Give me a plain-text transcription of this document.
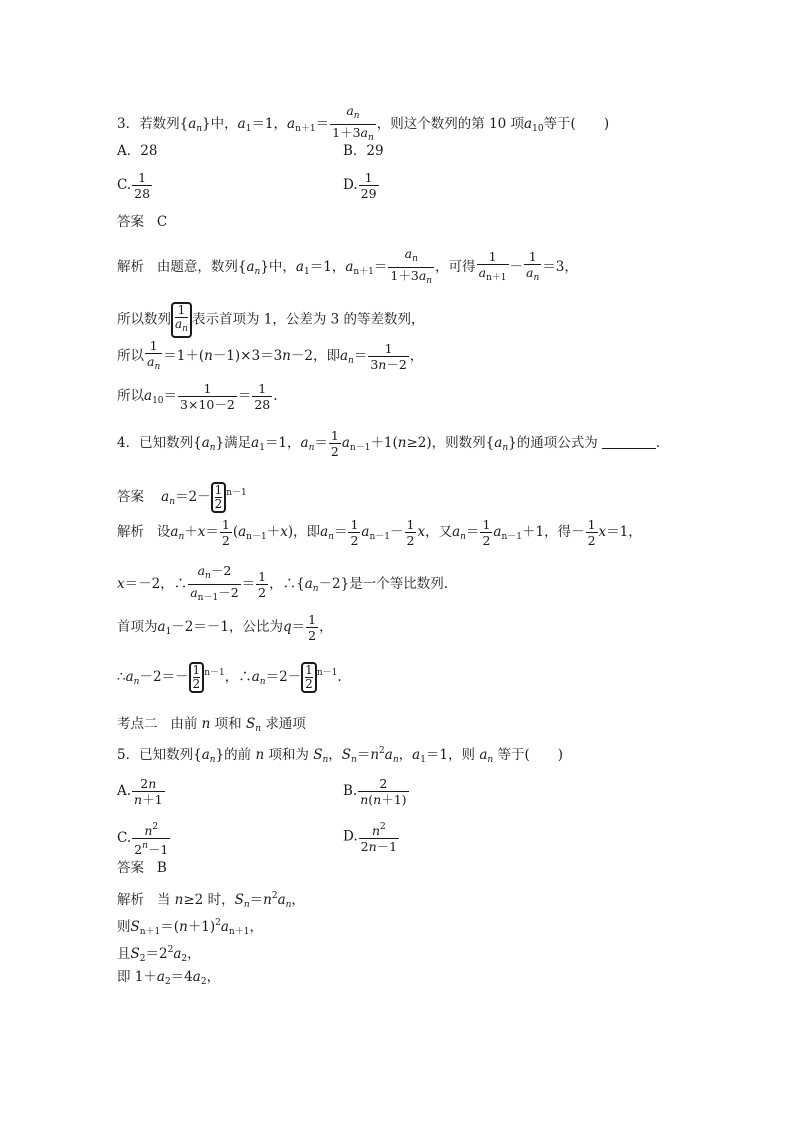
3．若数列$\{a_n\}$中，$a_1=1$，$a_{n+1}= \frac{a_n}{1+3a_n}$ ，则这个数列的第 10 项$a_{10}$等于( )
A．28	B．29
C. $\frac{1}{28}$	D. $\frac{1}{29}$
答案 C
解析 由题意，数列$\{a_n\}$中，$a_1=1$，$a_{n+1}= \frac{a_n}{1+3a_n}$ ，可得 $\frac{1}{a_{n+1}} - \frac{1}{a_n} =3$，
所以数列 $\frac{1}{a_n}$ 表示首项为 1，公差为 3 的等差数列，
所以 $\frac{1}{a_n} =1+(n-1)\times 3=3n-2$，即$a_n= \frac{1}{3n-2}$ ，
所以$a_{10}= \frac{1}{3\times 10-2} = \frac{1}{28}$ .
4．已知数列$\{a_n\}$满足$a_1=1$，$a_n= \frac{1}{2} a_{n-1}+1(n\ge 2)$，则数列$\{a_n\}$的通项公式为	.
答案 $a_n=2- \frac{1}{2} ^{n-1}$
解析 设$a_n+x= \frac{1}{2} (a_{n-1}+x)$，即$a_n= \frac{1}{2} a_{n-1}- \frac{1}{2}$ x，又$a_n= \frac{1}{2} a_{n-1}+1$，得－ $\frac{1}{2} x=1$，
x＝－2，∴ $\frac{a_n-2}{a_{n-1}-2} = \frac{1}{2}$ ，$\therefore\{a_n-2\}$是一个等比数列.
首项为$a_1-2=-1$，公比为$q= \frac{1}{2}$ ，
$\therefore a_n-2=- \frac{1}{2} ^{n-1}$，$\therefore a_n=2- \frac{1}{2} ^{n-1}$.
考点二 由前 n 项和 $S_n$ 求通项
5．已知数列$\{a_n\}$的前 n 项和为 $S_n$，$S_n=n^2a_n$，$a_1=1$，则 $a_n$ 等于( )
A. $\frac{2n}{n+1}$	B. $\frac{2}{n(n+1)}$
C. $\frac{n^2}{2^n-1}$	D. $\frac{n^2}{2n-1}$
答案 B
解析 当 n≥2 时，$S_n=n^2a_n$，
则$S_{n+1}=(n+1)^2a_{n+1}$，
且$S_2=2^2a_2$，
即 $1+a_2=4a_2$，
